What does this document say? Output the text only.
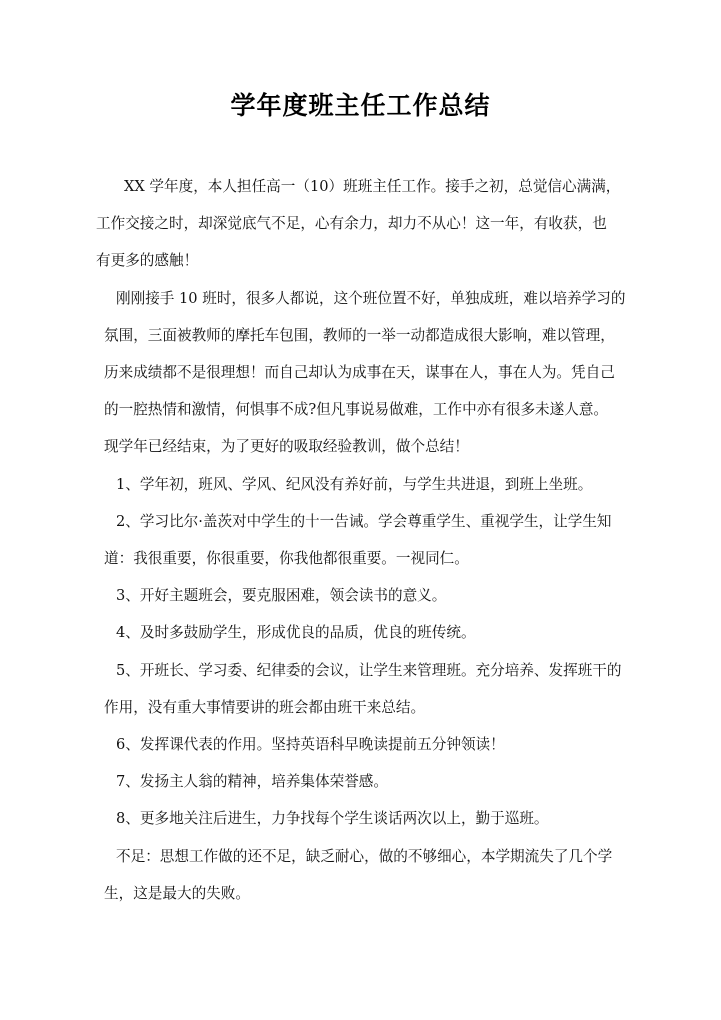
学年度班主任工作总结

XX 学年度，本人担任高一（10）班班主任工作。接手之初，总觉信心满满，
工作交接之时，却深觉底气不足，心有余力，却力不从心！这一年，有收获，也
有更多的感触！

刚刚接手 10 班时，很多人都说，这个班位置不好，单独成班，难以培养学习的
氛围，三面被教师的摩托车包围，教师的一举一动都造成很大影响，难以管理，
历来成绩都不是很理想！而自己却认为成事在天，谋事在人，事在人为。凭自己
的一腔热情和激情，何惧事不成?但凡事说易做难，工作中亦有很多未遂人意。
现学年已经结束，为了更好的吸取经验教训，做个总结！

1、学年初，班风、学风、纪风没有养好前，与学生共进退，到班上坐班。

2、学习比尔·盖茨对中学生的十一告诫。学会尊重学生、重视学生，让学生知
道：我很重要，你很重要，你我他都很重要。一视同仁。

3、开好主题班会，要克服困难，领会读书的意义。

4、及时多鼓励学生，形成优良的品质，优良的班传统。

5、开班长、学习委、纪律委的会议，让学生来管理班。充分培养、发挥班干的
作用，没有重大事情要讲的班会都由班干来总结。

6、发挥课代表的作用。坚持英语科早晚读提前五分钟领读！

7、发扬主人翁的精神，培养集体荣誉感。

8、更多地关注后进生，力争找每个学生谈话两次以上，勤于巡班。

不足：思想工作做的还不足，缺乏耐心，做的不够细心，本学期流失了几个学
生，这是最大的失败。
